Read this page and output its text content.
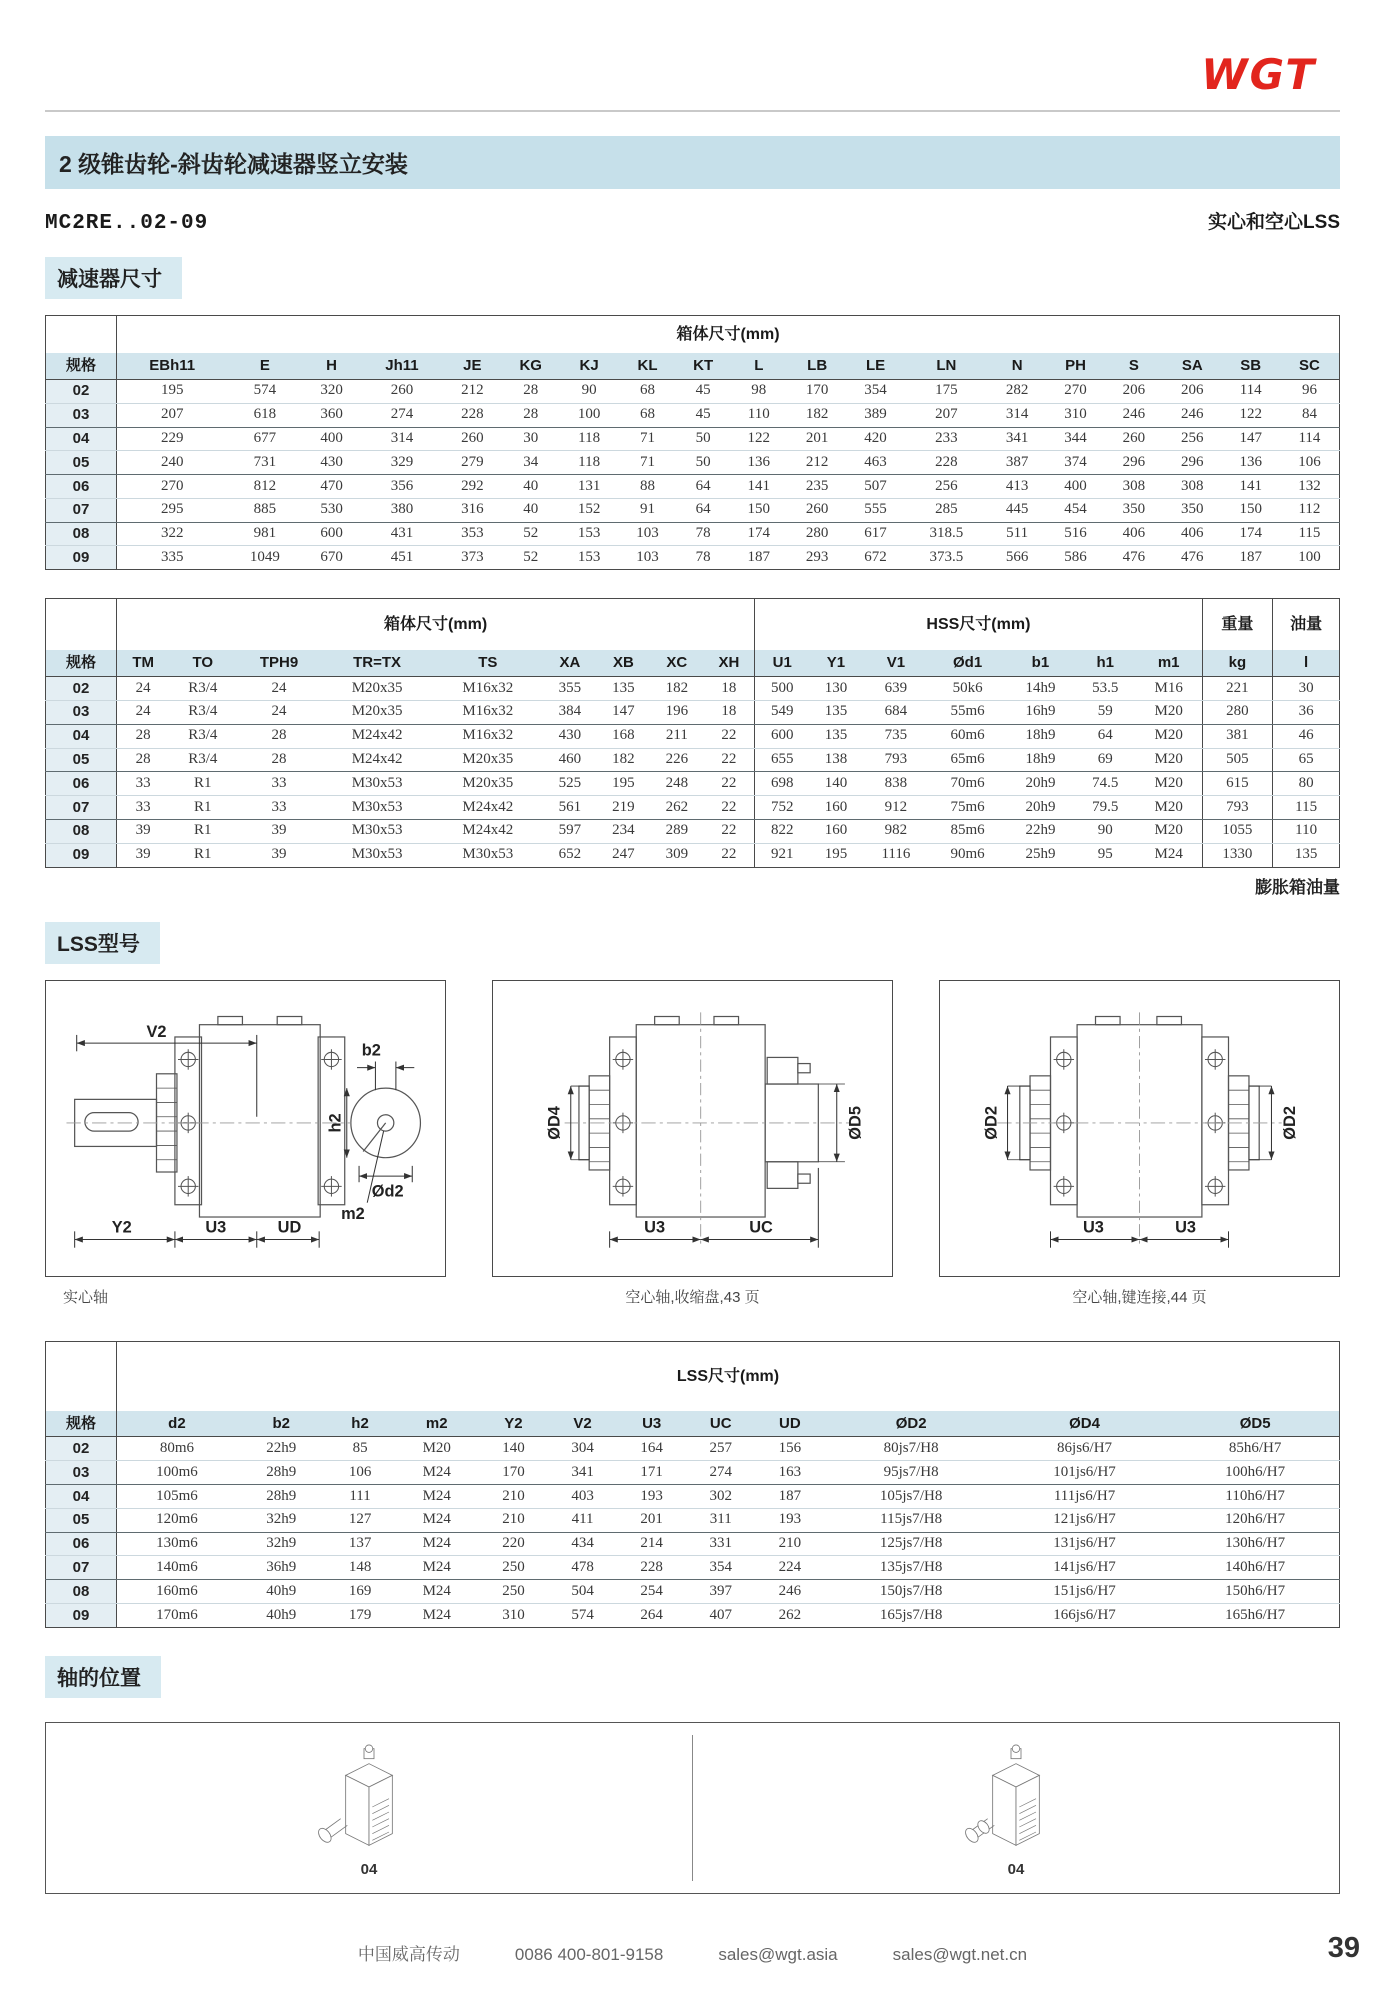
WGT
2 级锥齿轮-斜齿轮减速器竖立安装
MC2RE..02-09	实心和空心LSS
减速器尺寸
	箱体尺寸(mm)																		
规格	EBh11	E	H	Jh11	JE	KG	KJ	KL	KT	L	LB	LE	LN	N	PH	S	SA	SB	SC
02	195	574	320	260	212	28	90	68	45	98	170	354	175	282	270	206	206	114	96
03	207	618	360	274	228	28	100	68	45	110	182	389	207	314	310	246	246	122	84
04	229	677	400	314	260	30	118	71	50	122	201	420	233	341	344	260	256	147	114
05	240	731	430	329	279	34	118	71	50	136	212	463	228	387	374	296	296	136	106
06	270	812	470	356	292	40	131	88	64	141	235	507	256	413	400	308	308	141	132
07	295	885	530	380	316	40	152	91	64	150	260	555	285	445	454	350	350	150	112
08	322	981	600	431	353	52	153	103	78	174	280	617	318.5	511	516	406	406	174	115
09	335	1049	670	451	373	52	153	103	78	187	293	672	373.5	566	586	476	476	187	100
	箱体尺寸(mm)									HSS尺寸(mm)							重量	油量
规格	TM	TO	TPH9	TR=TX	TS	XA	XB	XC	XH	U1	Y1	V1	Ød1	b1	h1	m1	kg	l
02	24	R3/4	24	M20x35	M16x32	355	135	182	18	500	130	639	50k6	14h9	53.5	M16	221	30
03	24	R3/4	24	M20x35	M16x32	384	147	196	18	549	135	684	55m6	16h9	59	M20	280	36
04	28	R3/4	28	M24x42	M16x32	430	168	211	22	600	135	735	60m6	18h9	64	M20	381	46
05	28	R3/4	28	M24x42	M20x35	460	182	226	22	655	138	793	65m6	18h9	69	M20	505	65
06	33	R1	33	M30x53	M20x35	525	195	248	22	698	140	838	70m6	20h9	74.5	M20	615	80
07	33	R1	33	M30x53	M24x42	561	219	262	22	752	160	912	75m6	20h9	79.5	M20	793	115
08	39	R1	39	M30x53	M24x42	597	234	289	22	822	160	982	85m6	22h9	90	M20	1055	110
09	39	R1	39	M30x53	M30x53	652	247	309	22	921	195	1116	90m6	25h9	95	M24	1330	135
膨胀箱油量
LSS型号
V2
b2
h2
Ød2
m2
Y2	U3	UD
实心轴
ØD4	ØD5
U3	UC
空心轴,收缩盘,43 页
ØD2	ØD2
U3	U3
空心轴,键连接,44 页
	LSS尺寸(mm)											
规格	d2	b2	h2	m2	Y2	V2	U3	UC	UD	ØD2	ØD4	ØD5
02	80m6	22h9	85	M20	140	304	164	257	156	80js7/H8	86js6/H7	85h6/H7
03	100m6	28h9	106	M24	170	341	171	274	163	95js7/H8	101js6/H7	100h6/H7
04	105m6	28h9	111	M24	210	403	193	302	187	105js7/H8	111js6/H7	110h6/H7
05	120m6	32h9	127	M24	210	411	201	311	193	115js7/H8	121js6/H7	120h6/H7
06	130m6	32h9	137	M24	220	434	214	331	210	125js7/H8	131js6/H7	130h6/H7
07	140m6	36h9	148	M24	250	478	228	354	224	135js7/H8	141js6/H7	140h6/H7
08	160m6	40h9	169	M24	250	504	254	397	246	150js7/H8	151js6/H7	150h6/H7
09	170m6	40h9	179	M24	310	574	264	407	262	165js7/H8	166js6/H7	165h6/H7
轴的位置
04	04
中国威高传动	0086 400-801-9158	sales@wgt.asia	sales@wgt.net.cn	39
